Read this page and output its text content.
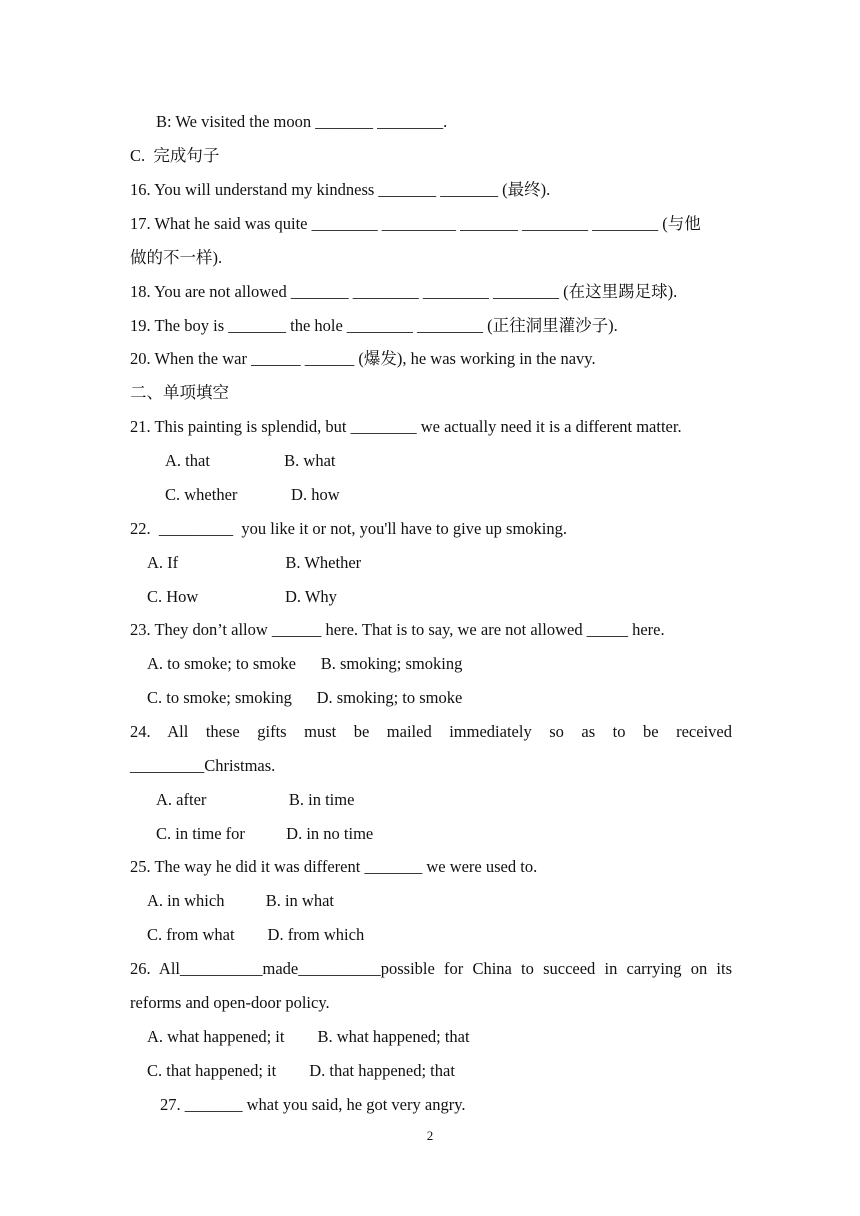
B: We visited the moon _______ ________.
C.  完成句子
16. You will understand my kindness _______ _______ (最终).
17. What he said was quite ________ _________ _______ ________ ________ (与他
做的不一样).
18. You are not allowed _______ ________ ________ ________ (在这里踢足球).
19. The boy is _______ the hole ________ ________ (正往洞里灌沙子).
20. When the war ______ ______ (爆发), he was working in the navy.
二、单项填空
21. This painting is splendid, but ________ we actually need it is a different matter.
A. that                  B. what
C. whether             D. how
22.  _________  you like it or not, you'll have to give up smoking.
A. If                          B. Whether
C. How                     D. Why
23. They don’t allow ______ here. That is to say, we are not allowed _____ here.
A. to smoke; to smoke      B. smoking; smoking
C. to smoke; smoking      D. smoking; to smoke
24. All these gifts must be mailed immediately so as to be received
_________Christmas.
A. after                    B. in time
C. in time for          D. in no time
25. The way he did it was different _______ we were used to.
A. in which          B. in what
C. from what        D. from which
26. All__________made__________possible for China to succeed in carrying on its
reforms and open-door policy.
A. what happened; it        B. what happened; that
C. that happened; it        D. that happened; that
27. _______ what you said, he got very angry.
2
